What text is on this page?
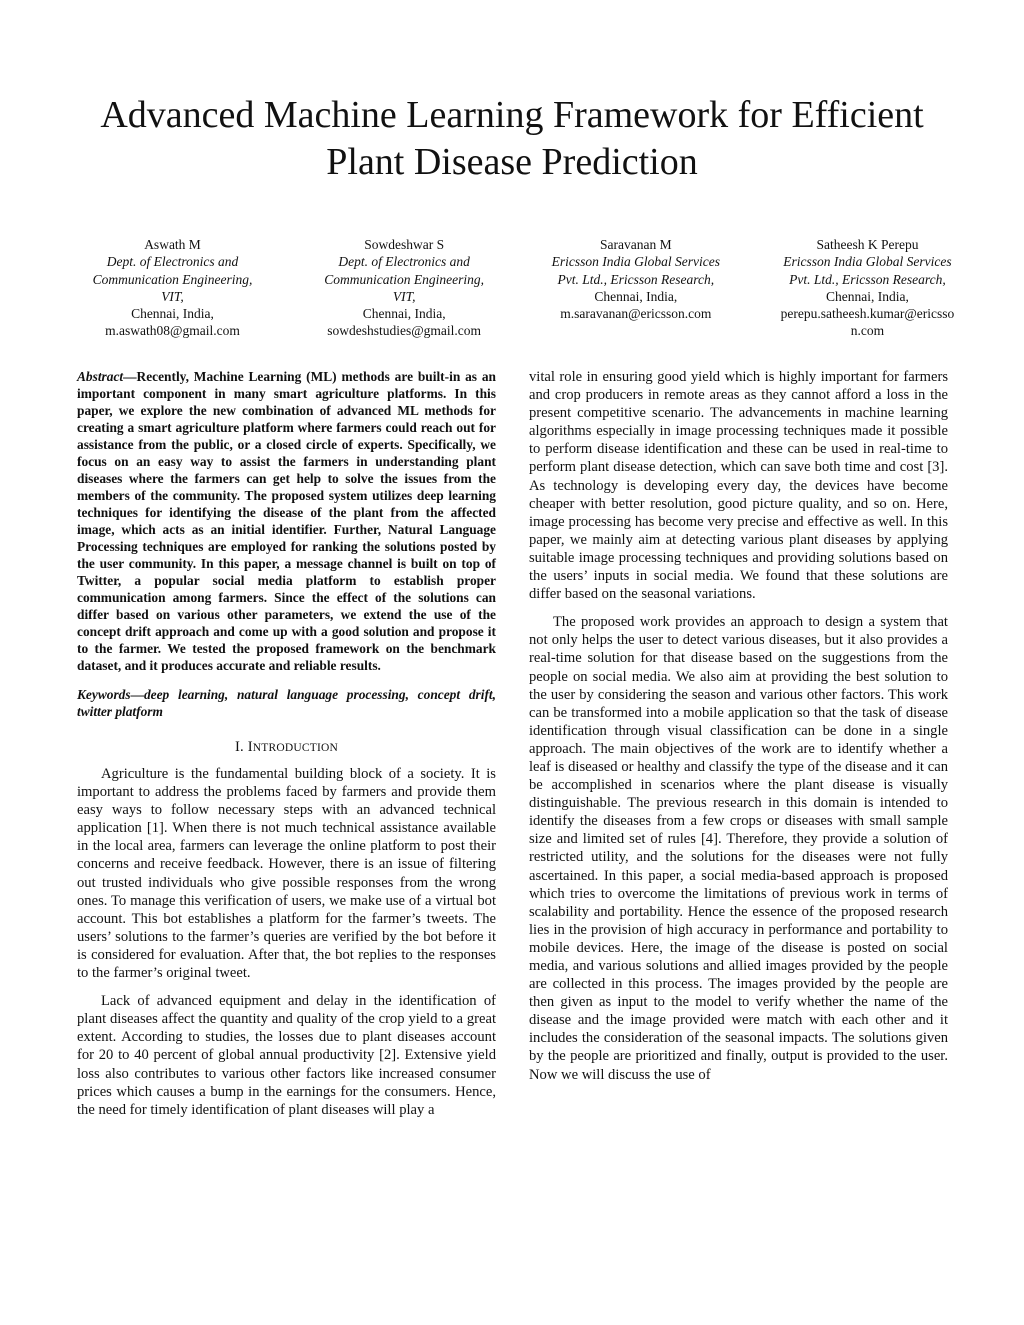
Advanced Machine Learning Framework for Efficient
Plant Disease Prediction
Aswath M
Dept. of Electronics and
Communication Engineering,
VIT,
Chennai, India,
m.aswath08@gmail.com
Sowdeshwar S
Dept. of Electronics and
Communication Engineering,
VIT,
Chennai, India,
sowdeshstudies@gmail.com
Saravanan M
Ericsson India Global Services
Pvt. Ltd., Ericsson Research,
Chennai, India,
m.saravanan@ericsson.com
Satheesh K Perepu
Ericsson India Global Services
Pvt. Ltd., Ericsson Research,
Chennai, India,
perepu.satheesh.kumar@ericsso
n.com

Abstract—Recently, Machine Learning (ML) methods are built-in as an important component in many smart agriculture platforms. In this paper, we explore the new combination of advanced ML methods for creating a smart agriculture platform where farmers could reach out for assistance from the public, or a closed circle of experts. Specifically, we focus on an easy way to assist the farmers in understanding plant diseases where the farmers can get help to solve the issues from the members of the community. The proposed system utilizes deep learning techniques for identifying the disease of the plant from the affected image, which acts as an initial identifier. Further, Natural Language Processing techniques are employed for ranking the solutions posted by the user community. In this paper, a message channel is built on top of Twitter, a popular social media platform to establish proper communication among farmers. Since the effect of the solutions can differ based on various other parameters, we extend the use of the concept drift approach and come up with a good solution and propose it to the farmer. We tested the proposed framework on the benchmark dataset, and it produces accurate and reliable results.

Keywords—deep learning, natural language processing, concept drift, twitter platform

I. INTRODUCTION

Agriculture is the fundamental building block of a society. It is important to address the problems faced by farmers and provide them easy ways to follow necessary steps with an advanced technical application [1]. When there is not much technical assistance available in the local area, farmers can leverage the online platform to post their concerns and receive feedback. However, there is an issue of filtering out trusted individuals who give possible responses from the wrong ones. To manage this verification of users, we make use of a virtual bot account. This bot establishes a platform for the farmer’s tweets. The users’ solutions to the farmer’s queries are verified by the bot before it is considered for evaluation. After that, the bot replies to the responses to the farmer’s original tweet.

Lack of advanced equipment and delay in the identification of plant diseases affect the quantity and quality of the crop yield to a great extent. According to studies, the losses due to plant diseases account for 20 to 40 percent of global annual productivity [2]. Extensive yield loss also contributes to various other factors like increased consumer prices which causes a bump in the earnings for the consumers. Hence, the need for timely identification of plant diseases will play a

vital role in ensuring good yield which is highly important for farmers and crop producers in remote areas as they cannot afford a loss in the present competitive scenario. The advancements in machine learning algorithms especially in image processing techniques made it possible to perform disease identification and these can be used in real-time to perform plant disease detection, which can save both time and cost [3]. As technology is developing every day, the devices have become cheaper with better resolution, good picture quality, and so on. Here, image processing has become very precise and effective as well. In this paper, we mainly aim at detecting various plant diseases by applying suitable image processing techniques and providing solutions based on the users’ inputs in social media. We found that these solutions are differ based on the seasonal variations.

The proposed work provides an approach to design a system that not only helps the user to detect various diseases, but it also provides a real-time solution for that disease based on the suggestions from the people on social media. We also aim at providing the best solution to the user by considering the season and various other factors. This work can be transformed into a mobile application so that the task of disease identification through visual classification can be done in a single approach. The main objectives of the work are to identify whether a leaf is diseased or healthy and classify the type of the disease and it can be accomplished in scenarios where the plant disease is visually distinguishable. The previous research in this domain is intended to identify the diseases from a few crops or diseases with small sample size and limited set of rules [4]. Therefore, they provide a solution of restricted utility, and the solutions for the diseases were not fully ascertained. In this paper, a social media-based approach is proposed which tries to overcome the limitations of previous work in terms of scalability and portability. Hence the essence of the proposed research lies in the provision of high accuracy in performance and portability to mobile devices. Here, the image of the disease is posted on social media, and various solutions and allied images provided by the people are collected in this process. The images provided by the people are then given as input to the model to verify whether the name of the disease and the image provided were match with each other and it includes the consideration of the seasonal impacts. The solutions given by the people are prioritized and finally, output is provided to the user. Now we will discuss the use of
